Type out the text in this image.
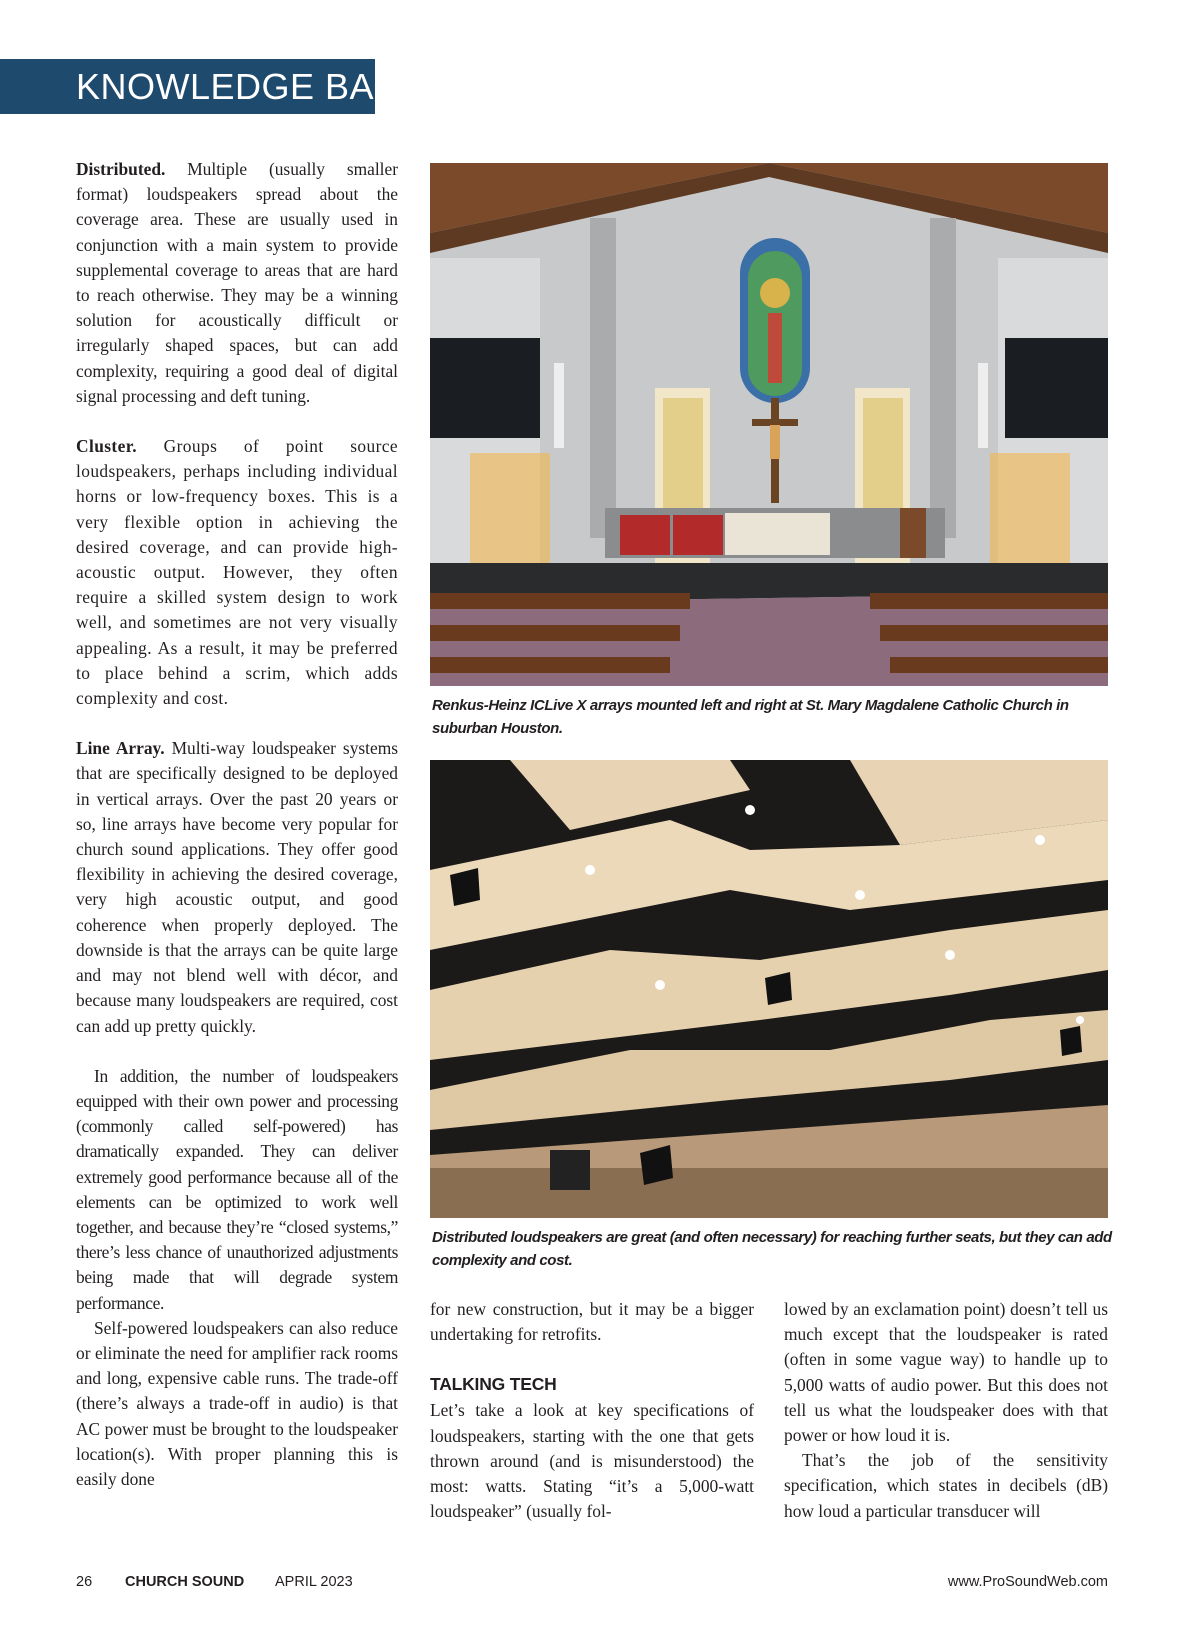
KNOWLEDGE BASE

Distributed. Multiple (usually smaller format) loudspeakers spread about the coverage area. These are usually used in conjunction with a main system to provide supplemental coverage to areas that are hard to reach otherwise. They may be a winning solution for acoustically difficult or irregularly shaped spaces, but can add complexity, requiring a good deal of digital signal processing and deft tuning.

Cluster. Groups of point source loudspeakers, perhaps including individual horns or low-frequency boxes. This is a very flexible option in achieving the desired coverage, and can provide high-acoustic output. However, they often require a skilled system design to work well, and sometimes are not very visually appealing. As a result, it may be preferred to place behind a scrim, which adds complexity and cost.

Line Array. Multi-way loudspeaker systems that are specifically designed to be deployed in vertical arrays. Over the past 20 years or so, line arrays have become very popular for church sound applications. They offer good flexibility in achieving the desired coverage, very high acoustic output, and good coherence when properly deployed. The downside is that the arrays can be quite large and may not blend well with décor, and because many loudspeakers are required, cost can add up pretty quickly.

In addition, the number of loudspeakers equipped with their own power and processing (commonly called self-powered) has dramatically expanded. They can deliver extremely good performance because all of the elements can be optimized to work well together, and because they’re “closed systems,” there’s less chance of unauthorized adjustments being made that will degrade system performance.

Self-powered loudspeakers can also reduce or eliminate the need for amplifier rack rooms and long, expensive cable runs. The trade-off (there’s always a trade-off in audio) is that AC power must be brought to the loudspeaker location(s). With proper planning this is easily done

Renkus-Heinz ICLive X arrays mounted left and right at St. Mary Magdalene Catholic Church in suburban Houston.
Distributed loudspeakers are great (and often necessary) for reaching further seats, but they can add complexity and cost.

for new construction, but it may be a bigger undertaking for retrofits.

TALKING TECH

Let’s take a look at key specifications of loudspeakers, starting with the one that gets thrown around (and is misunderstood) the most: watts. Stating “it’s a 5,000-watt loudspeaker” (usually fol-

lowed by an exclamation point) doesn’t tell us much except that the loudspeaker is rated (often in some vague way) to handle up to 5,000 watts of audio power. But this does not tell us what the loudspeaker does with that power or how loud it is.

That’s the job of the sensitivity specification, which states in decibels (dB) how loud a particular transducer will

26 CHURCH SOUND APRIL 2023	www.ProSoundWeb.com
